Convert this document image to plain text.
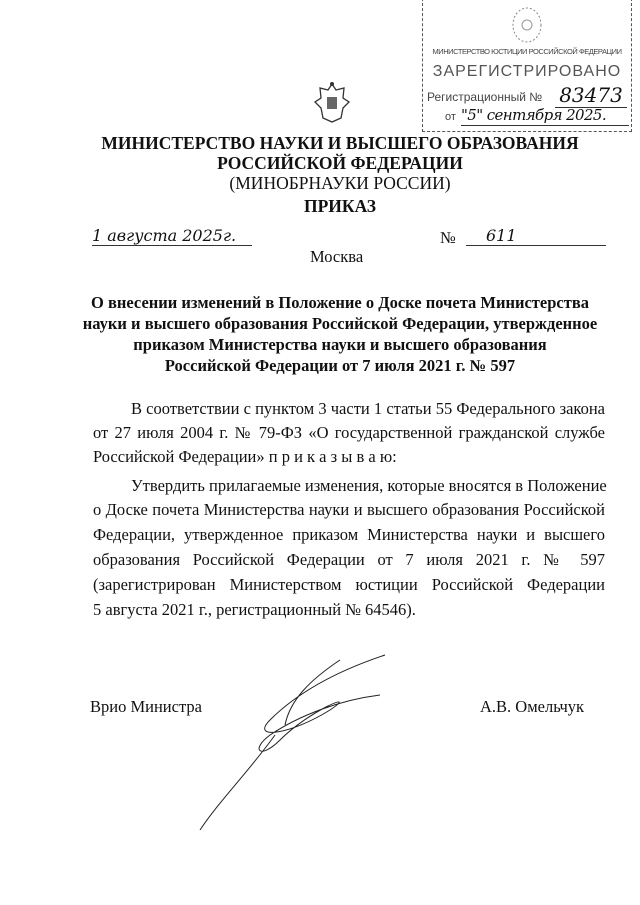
МИНИСТЕРСТВО ЮСТИЦИИ РОССИЙСКОЙ ФЕДЕРАЦИИ
ЗАРЕГИСТРИРОВАНО
Регистрационный № 83473
от "5" сентября 2025.
МИНИСТЕРСТВО НАУКИ И ВЫСШЕГО ОБРАЗОВАНИЯ
РОССИЙСКОЙ ФЕДЕРАЦИИ
(МИНОБРНАУКИ РОССИИ)
ПРИКАЗ
1 августа 2025г.	№	611
Москва
О внесении изменений в Положение о Доске почета Министерства
науки и высшего образования Российской Федерации, утвержденное
приказом Министерства науки и высшего образования
Российской Федерации от 7 июля 2021 г. № 597
В соответствии с пунктом 3 части 1 статьи 55 Федерального закона
от 27 июля 2004 г. № 79-ФЗ «О государственной гражданской службе
Российской Федерации» п р и к а з ы в а ю:
Утвердить прилагаемые изменения, которые вносятся в Положение
о Доске почета Министерства науки и высшего образования Российской
Федерации, утвержденное приказом Министерства науки и высшего
образования Российской Федерации от 7 июля 2021 г. № 597
(зарегистрирован Министерством юстиции Российской Федерации
5 августа 2021 г., регистрационный № 64546).
Врио Министра	А.В. Омельчук
